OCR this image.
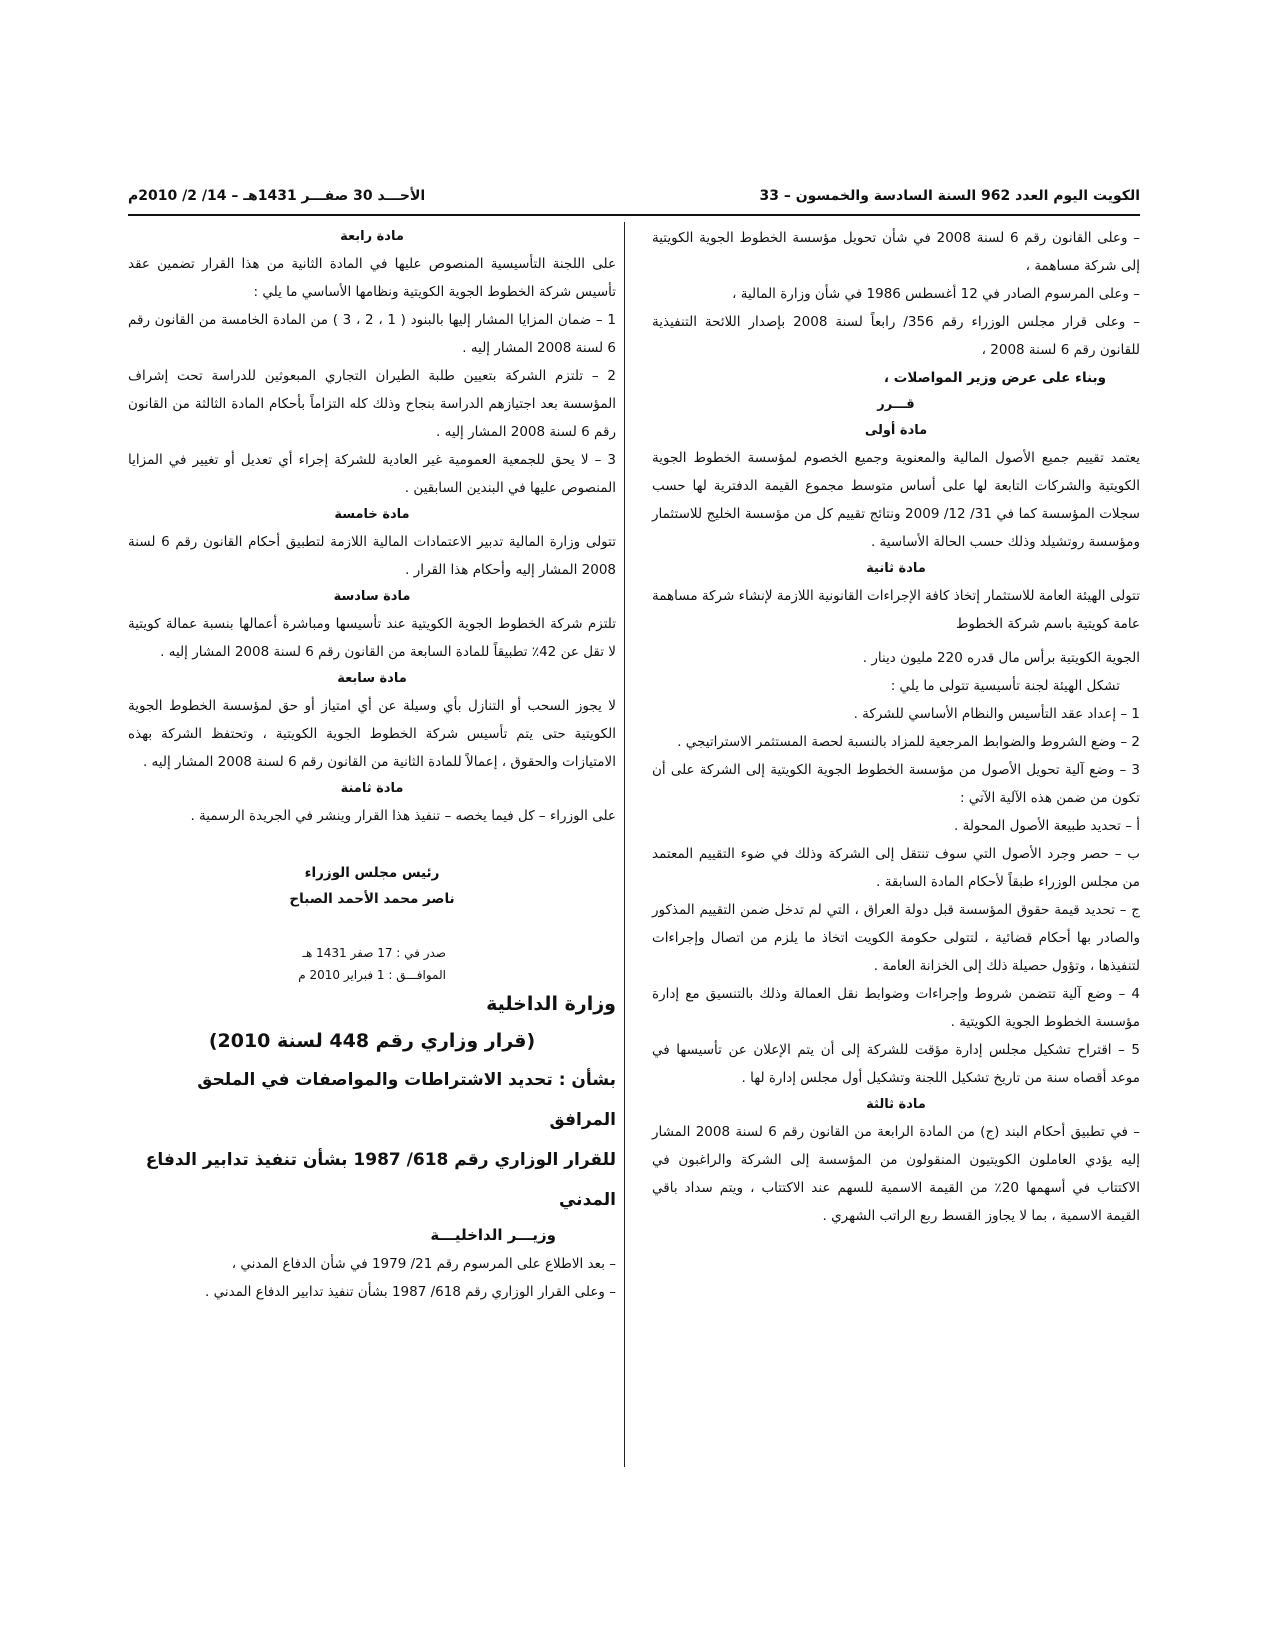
الكويت اليوم العدد 962 السنة السادسة والخمسون – 33
الأحـــد 30 صفـــر 1431هـ – 14/ 2/ 2010م

– وعلى القانون رقم 6 لسنة 2008 في شأن تحويل مؤسسة الخطوط الجوية الكويتية إلى شركة مساهمة ،

– وعلى المرسوم الصادر في 12 أغسطس 1986 في شأن وزارة المالية ،

– وعلى قرار مجلس الوزراء رقم 356/ رابعاً لسنة 2008 بإصدار اللائحة التنفيذية للقانون رقم 6 لسنة 2008 ،

وبناء على عرض وزير المواصلات ،

قـــرر

مادة أولى

يعتمد تقييم جميع الأصول المالية والمعنوية وجميع الخصوم لمؤسسة الخطوط الجوية الكويتية والشركات التابعة لها على أساس متوسط مجموع القيمة الدفترية لها حسب سجلات المؤسسة كما في 31/ 12/ 2009 ونتائج تقييم كل من مؤسسة الخليج للاستثمار ومؤسسة روتشيلد وذلك حسب الحالة الأساسية .

مادة ثانية

تتولى الهيئة العامة للاستثمار إتخاذ كافة الإجراءات القانونية اللازمة لإنشاء شركة مساهمة عامة كويتية باسم شركة الخطوط

الجوية الكويتية برأس مال قدره 220 مليون دينار .

تشكل الهيئة لجنة تأسيسية تتولى ما يلي :

1 – إعداد عقد التأسيس والنظام الأساسي للشركة .

2 – وضع الشروط والضوابط المرجعية للمزاد بالنسبة لحصة المستثمر الاستراتيجي .

3 – وضع آلية تحويل الأصول من مؤسسة الخطوط الجوية الكويتية إلى الشركة على أن تكون من ضمن هذه الآلية الآتي :

أ – تحديد طبيعة الأصول المحولة .

ب – حصر وجرد الأصول التي سوف تنتقل إلى الشركة وذلك في ضوء التقييم المعتمد من مجلس الوزراء طبقاً لأحكام المادة السابقة .

ج – تحديد قيمة حقوق المؤسسة قبل دولة العراق ، التي لم تدخل ضمن التقييم المذكور والصادر بها أحكام قضائية ، لتتولى حكومة الكويت اتخاذ ما يلزم من اتصال وإجراءات لتنفيذها ، وتؤول حصيلة ذلك إلى الخزانة العامة .

4 – وضع آلية تتضمن شروط وإجراءات وضوابط نقل العمالة وذلك بالتنسيق مع إدارة مؤسسة الخطوط الجوية الكويتية .

5 – اقتراح تشكيل مجلس إدارة مؤقت للشركة إلى أن يتم الإعلان عن تأسيسها في موعد أقصاه سنة من تاريخ تشكيل اللجنة وتشكيل أول مجلس إدارة لها .

مادة ثالثة

– في تطبيق أحكام البند (ج) من المادة الرابعة من القانون رقم 6 لسنة 2008 المشار إليه يؤدي العاملون الكويتيون المنقولون من المؤسسة إلى الشركة والراغبون في الاكتتاب في أسهمها 20٪ من القيمة الاسمية للسهم عند الاكتتاب ، ويتم سداد باقي القيمة الاسمية ، بما لا يجاوز القسط ربع الراتب الشهري .

مادة رابعة

على اللجنة التأسيسية المنصوص عليها في المادة الثانية من هذا القرار تضمين عقد تأسيس شركة الخطوط الجوية الكويتية ونظامها الأساسي ما يلي :

1 – ضمان المزايا المشار إليها بالبنود ( 1 ، 2 ، 3 ) من المادة الخامسة من القانون رقم 6 لسنة 2008 المشار إليه .

2 – تلتزم الشركة بتعيين طلبة الطيران التجاري المبعوثين للدراسة تحت إشراف المؤسسة بعد اجتيازهم الدراسة بنجاح وذلك كله التزاماً بأحكام المادة الثالثة من القانون رقم 6 لسنة 2008 المشار إليه .

3 – لا يحق للجمعية العمومية غير العادية للشركة إجراء أي تعديل أو تغيير في المزايا المنصوص عليها في البندين السابقين .

مادة خامسة

تتولى وزارة المالية تدبير الاعتمادات المالية اللازمة لتطبيق أحكام القانون رقم 6 لسنة 2008 المشار إليه وأحكام هذا القرار .

مادة سادسة

تلتزم شركة الخطوط الجوية الكويتية عند تأسيسها ومباشرة أعمالها بنسبة عمالة كويتية لا تقل عن 42٪ تطبيقاً للمادة السابعة من القانون رقم 6 لسنة 2008 المشار إليه .

مادة سابعة

لا يجوز السحب أو التنازل بأي وسيلة عن أي امتياز أو حق لمؤسسة الخطوط الجوية الكويتية حتى يتم تأسيس شركة الخطوط الجوية الكويتية ، وتحتفظ الشركة بهذه الامتيازات والحقوق ، إعمالاً للمادة الثانية من القانون رقم 6 لسنة 2008 المشار إليه .

مادة ثامنة

على الوزراء – كل فيما يخصه – تنفيذ هذا القرار وينشر في الجريدة الرسمية .

رئيس مجلس الوزراء

ناصر محمد الأحمد الصباح

صدر في : 17 صفر 1431 هـ

الموافـــق : 1 فبراير 2010 م

وزارة الداخلية

(قرار وزاري رقم 448 لسنة 2010)

بشأن : تحديد الاشتراطات والمواصفات في الملحق المرافق

للقرار الوزاري رقم 618/ 1987 بشأن تنفيذ تدابير الدفاع المدني

وزيـــر الداخليـــة

– بعد الاطلاع على المرسوم رقم 21/ 1979 في شأن الدفاع المدني ،

– وعلى القرار الوزاري رقم 618/ 1987 بشأن تنفيذ تدابير الدفاع المدني .
